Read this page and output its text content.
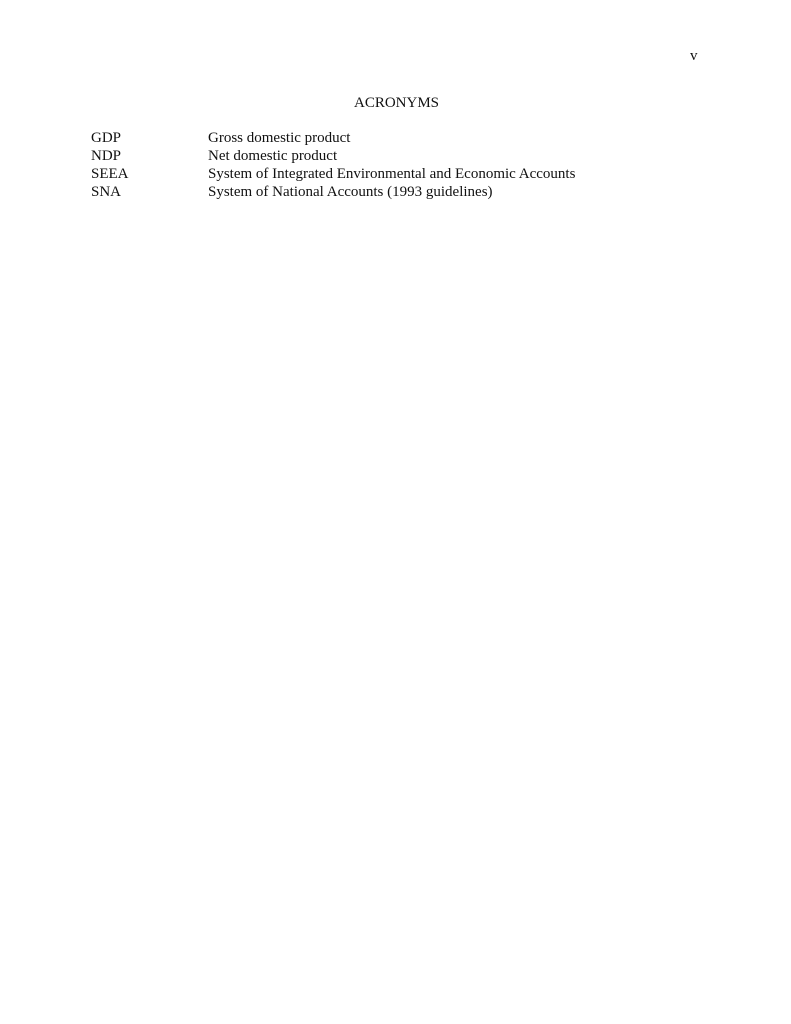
v
ACRONYMS
GDP	Gross domestic product
NDP	Net domestic product
SEEA	System of Integrated Environmental and Economic Accounts
SNA	System of National Accounts (1993 guidelines)
